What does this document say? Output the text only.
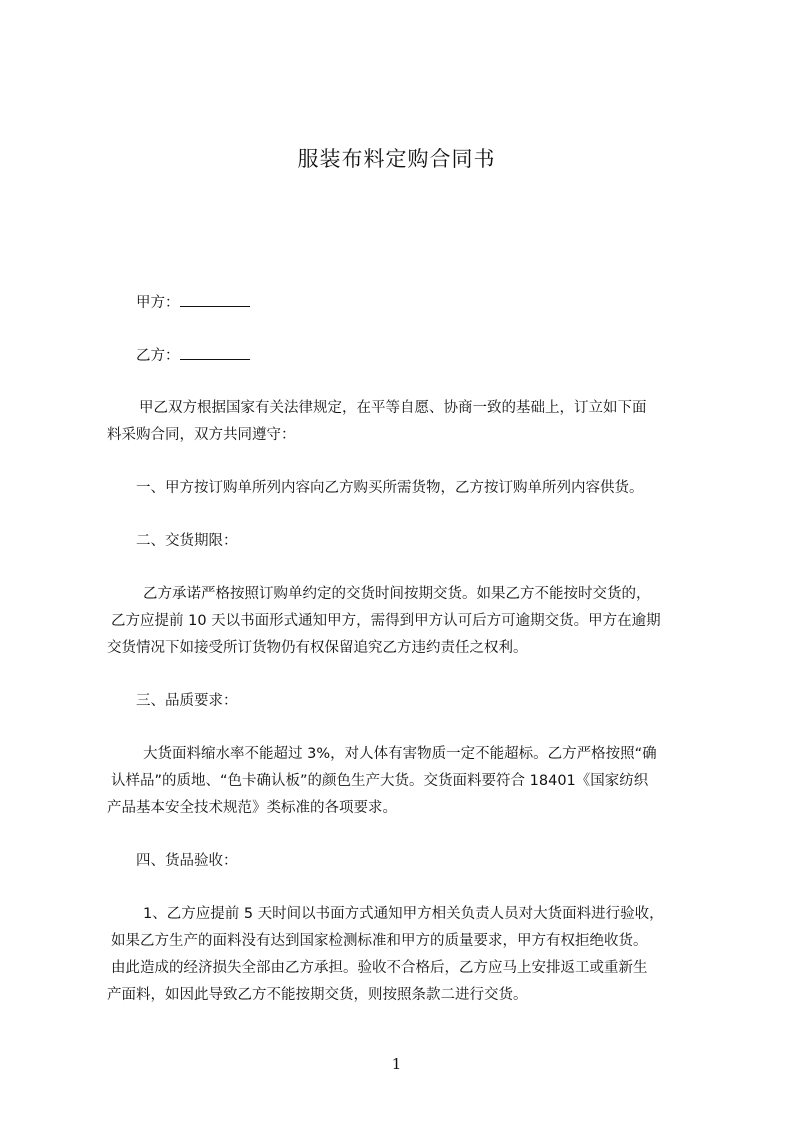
服装布料定购合同书
甲方：
乙方：
甲乙双方根据国家有关法律规定，在平等自愿、协商一致的基础上，订立如下面
料采购合同，双方共同遵守：
一、甲方按订购单所列内容向乙方购买所需货物，乙方按订购单所列内容供货。
二、交货期限：
乙方承诺严格按照订购单约定的交货时间按期交货。如果乙方不能按时交货的，
乙方应提前 10 天以书面形式通知甲方，需得到甲方认可后方可逾期交货。甲方在逾期
交货情况下如接受所订货物仍有权保留追究乙方违约责任之权利。
三、品质要求：
大货面料缩水率不能超过 3%，对人体有害物质一定不能超标。乙方严格按照“确
认样品”的质地、“色卡确认板”的颜色生产大货。交货面料要符合 18401《国家纺织
产品基本安全技术规范》类标准的各项要求。
四、货品验收：
1、乙方应提前 5 天时间以书面方式通知甲方相关负责人员对大货面料进行验收，
如果乙方生产的面料没有达到国家检测标准和甲方的质量要求，甲方有权拒绝收货。
由此造成的经济损失全部由乙方承担。验收不合格后，乙方应马上安排返工或重新生
产面料，如因此导致乙方不能按期交货，则按照条款二进行交货。
1
